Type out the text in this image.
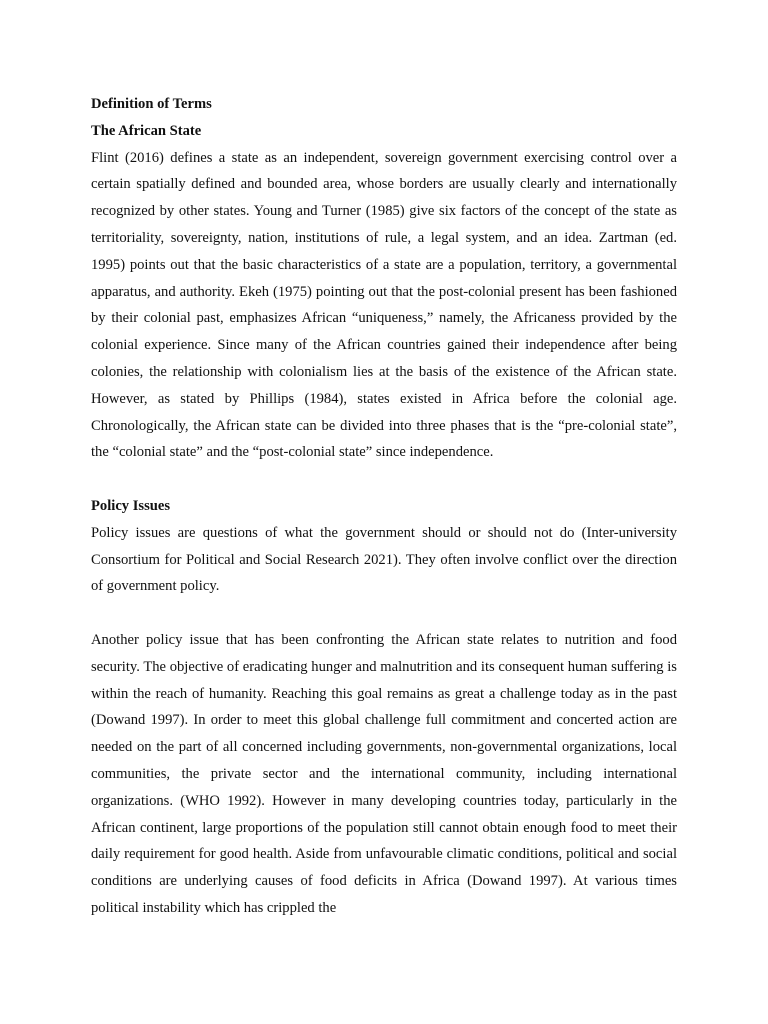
Definition of Terms

The African State

Flint (2016) defines a state as an independent, sovereign government exercising control over a certain spatially defined and bounded area, whose borders are usually clearly and internationally recognized by other states. Young and Turner (1985) give six factors of the concept of the state as territoriality, sovereignty, nation, institutions of rule, a legal system, and an idea. Zartman (ed. 1995) points out that the basic characteristics of a state are a population, territory, a governmental apparatus, and authority. Ekeh (1975) pointing out that the post-colonial present has been fashioned by their colonial past, emphasizes African “uniqueness,” namely, the Africaness provided by the colonial experience. Since many of the African countries gained their independence after being colonies, the relationship with colonialism lies at the basis of the existence of the African state. However, as stated by Phillips (1984), states existed in Africa before the colonial age. Chronologically, the African state can be divided into three phases that is the “pre-colonial state”, the “colonial state” and the “post-colonial state” since independence.

Policy Issues

Policy issues are questions of what the government should or should not do (Inter-university Consortium for Political and Social Research 2021). They often involve conflict over the direction of government policy.

Another policy issue that has been confronting the African state relates to nutrition and food security. The objective of eradicating hunger and malnutrition and its consequent human suffering is within the reach of humanity. Reaching this goal remains as great a challenge today as in the past (Dowand 1997). In order to meet this global challenge full commitment and concerted action are needed on the part of all concerned including governments, non-governmental organizations, local communities, the private sector and the international community, including international organizations. (WHO 1992). However in many developing countries today, particularly in the African continent, large proportions of the population still cannot obtain enough food to meet their daily requirement for good health. Aside from unfavourable climatic conditions, political and social conditions are underlying causes of food deficits in Africa (Dowand 1997). At various times political instability which has crippled the
